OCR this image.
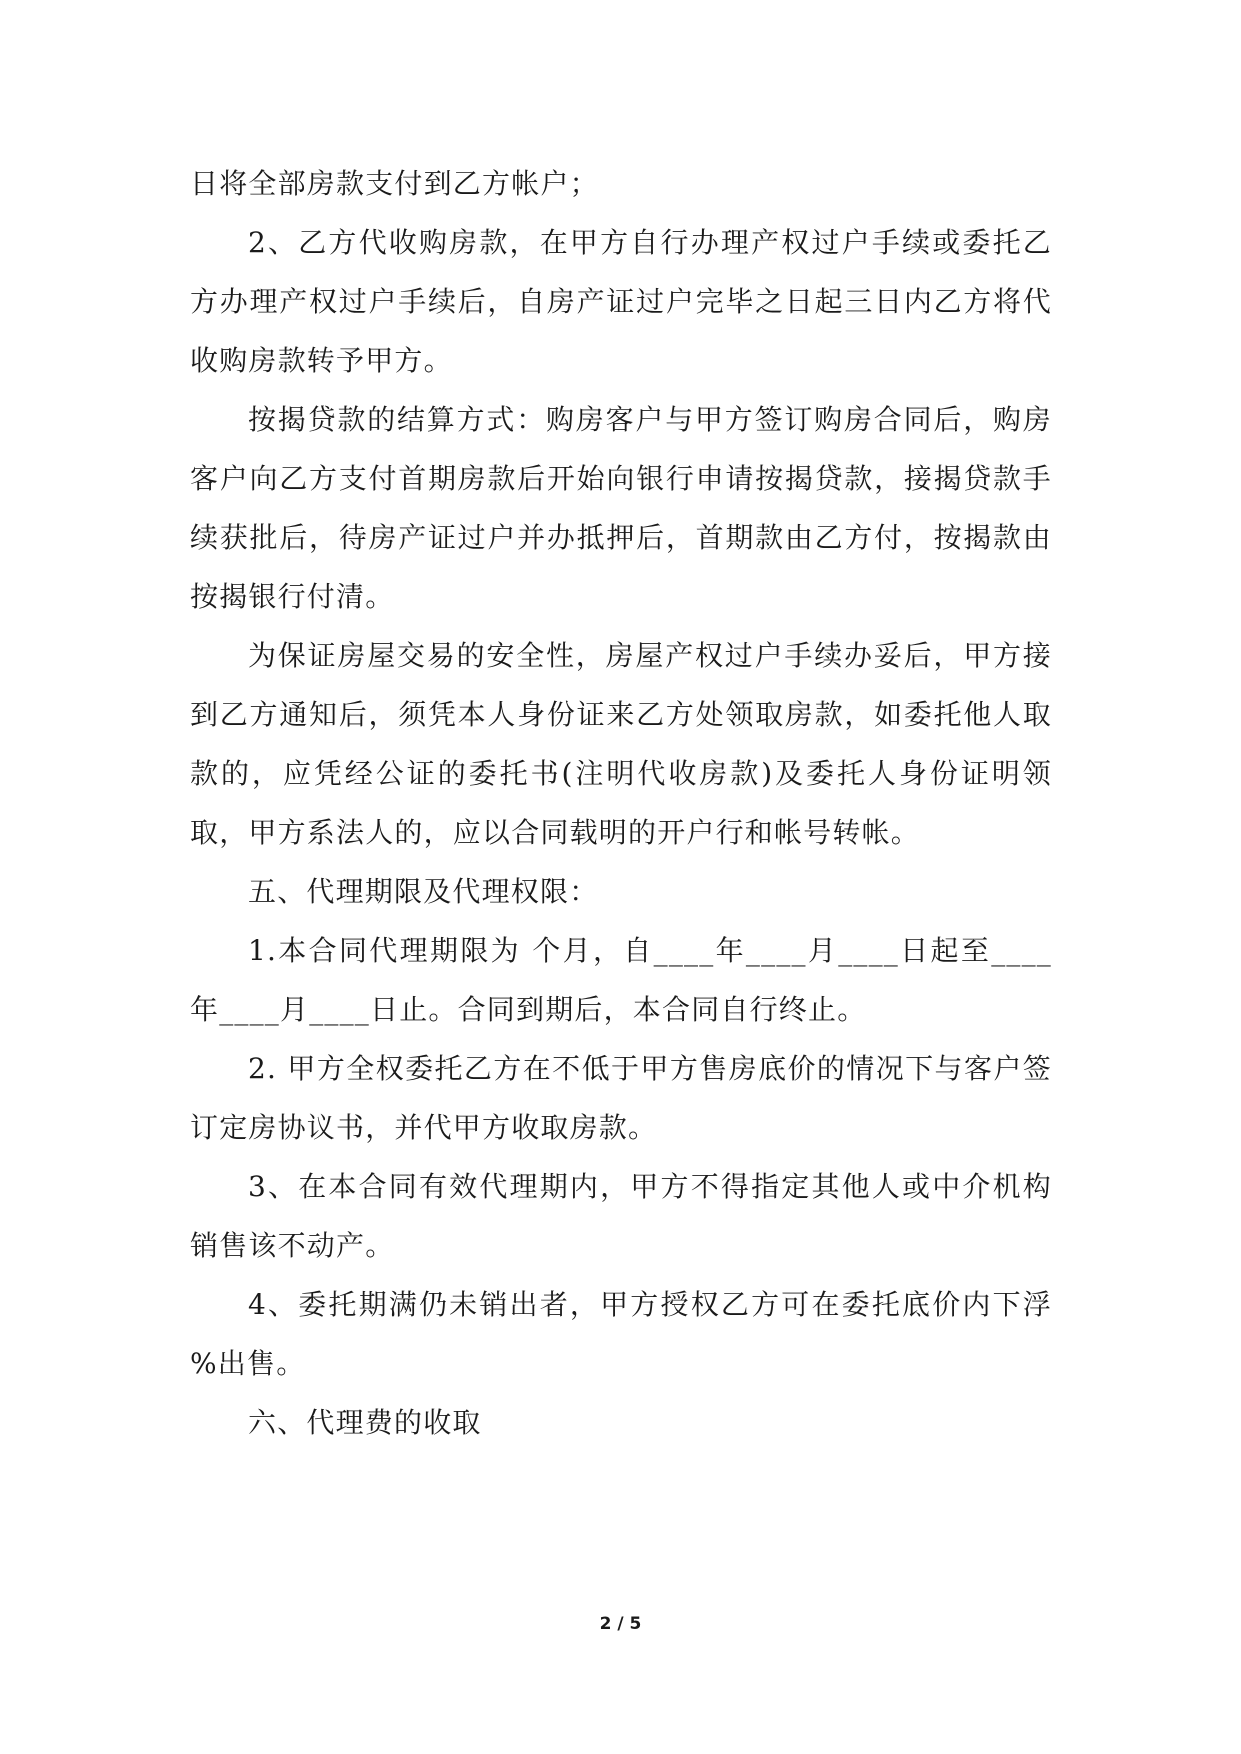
日将全部房款支付到乙方帐户；

2、乙方代收购房款，在甲方自行办理产权过户手续或委托乙方办理产权过户手续后，自房产证过户完毕之日起三日内乙方将代收购房款转予甲方。

按揭贷款的结算方式：购房客户与甲方签订购房合同后，购房客户向乙方支付首期房款后开始向银行申请按揭贷款，接揭贷款手续获批后，待房产证过户并办抵押后，首期款由乙方付，按揭款由按揭银行付清。

为保证房屋交易的安全性，房屋产权过户手续办妥后，甲方接到乙方通知后，须凭本人身份证来乙方处领取房款，如委托他人取款的，应凭经公证的委托书(注明代收房款)及委托人身份证明领取，甲方系法人的，应以合同载明的开户行和帐号转帐。

五、代理期限及代理权限：

1.本合同代理期限为 个月，自____年____月____日起至____年____月____日止。合同到期后，本合同自行终止。

2. 甲方全权委托乙方在不低于甲方售房底价的情况下与客户签订定房协议书，并代甲方收取房款。

3、在本合同有效代理期内，甲方不得指定其他人或中介机构销售该不动产。

4、委托期满仍未销出者，甲方授权乙方可在委托底价内下浮 %出售。

六、代理费的收取

2 / 5
